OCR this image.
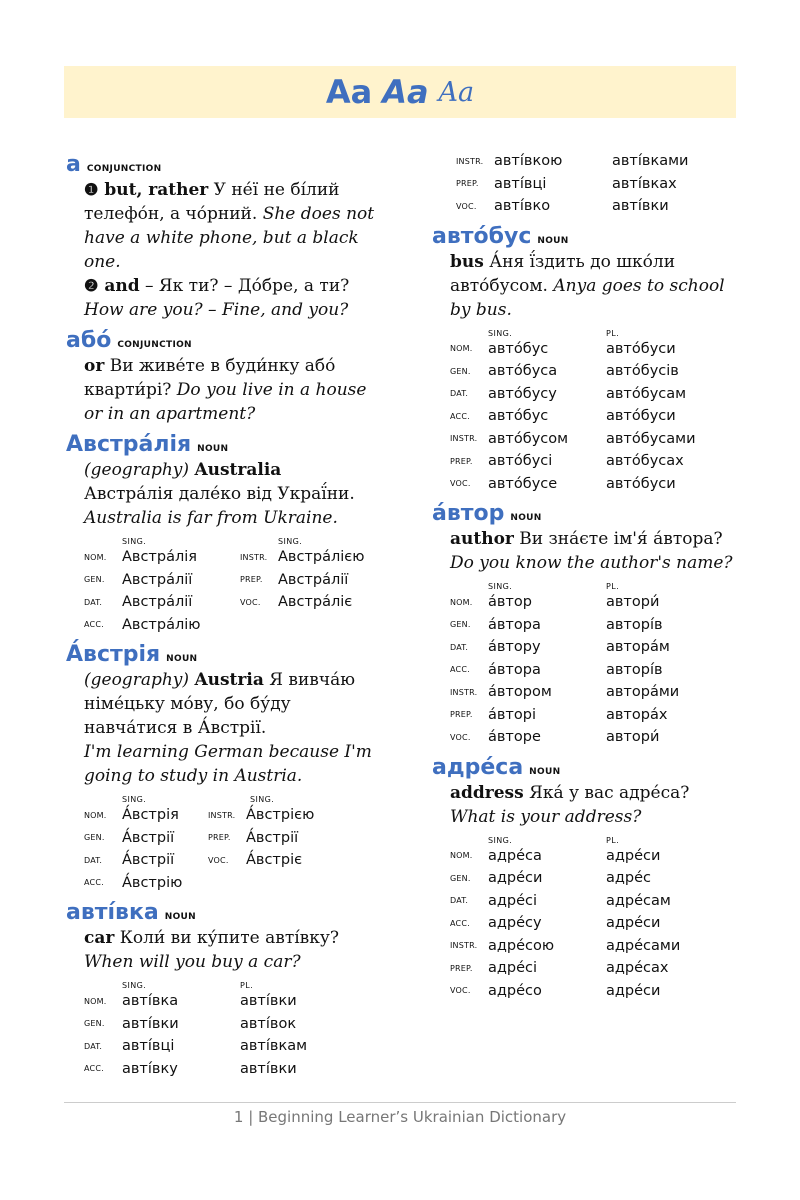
Aa Aa Aa
аCONJUNCTION
❶ but, rather У не́ї не бі́лий телефо́н, а чо́рний. She does not have a white phone, but a black one.
❷ and – Як ти? – До́бре, а ти? How are you? – Fine, and you?
або́ CONJUNCTION
or Ви живе́те в буди́нку або́ кварти́рі? Do you live in a house or in an apartment?
Австра́лія NOUN
(geography) Australia
Австра́лія дале́ко від Украї́ни.
Australia is far from Ukraine.
SING.	SING.
NOM.	Австра́лія	INSTR. Австра́лією
GEN.	Австра́лії	PREP.	Австра́лії
DAT.	Австра́лії	VOC.	Австра́ліє
ACC.	Австра́лію
А́встрія NOUN
(geography) Austria Я вивча́ю німе́цьку мо́ву, бо бу́ду навча́тися в А́встрії.
I'm learning German because I'm going to study in Austria.
SING.	SING.
NOM.	А́встрія	INSTR. А́встрією
GEN.	А́встрії	PREP.	А́встрії
DAT.	А́встрії	VOC.	А́встріє
ACC.	А́встрію
авті́вка NOUN
car Коли́ ви ку́пите авті́вку?
When will you buy a car?
SING.	PL.
NOM.	авті́вка	авті́вки
GEN.	авті́вки	авті́вок
DAT.	авті́вці	авті́вкам
ACC.	авті́вку	авті́вки
INSTR. авті́вкою	авті́вками
PREP.	авті́вці	авті́вках
VOC.	авті́вко	авті́вки
авто́бус NOUN
bus А́ня ї́здить до шко́ли авто́бусом. Anya goes to school by bus.
SING.	PL.
NOM.	авто́бус	авто́буси
GEN.	авто́буса	авто́бусів
DAT.	авто́бусу	авто́бусам
ACC.	авто́бус	авто́буси
INSTR. авто́бусом	авто́бусами
PREP.	авто́бусі	авто́бусах
VOC.	авто́бусе	авто́буси
а́втор NOUN
author Ви зна́єте ім'я́ а́втора?
Do you know the author's name?
SING.	PL.
NOM.	а́втор	автори́
GEN.	а́втора	авторі́в
DAT.	а́втору	автора́м
ACC.	а́втора	авторі́в
INSTR. а́втором	автора́ми
PREP.	а́вторі	автора́х
VOC.	а́вторе	автори́
адре́са NOUN
address Яка́ у вас адре́са?
What is your address?
SING.	PL.
NOM.	адре́са	адре́си
GEN.	адре́си	адре́с
DAT.	адре́сі	адре́сам
ACC.	адре́су	адре́си
INSTR. адре́сою	адре́сами
PREP.	адре́сі	адре́сах
VOC.	адре́со	адре́си
1 | Beginning Learner’s Ukrainian Dictionary
